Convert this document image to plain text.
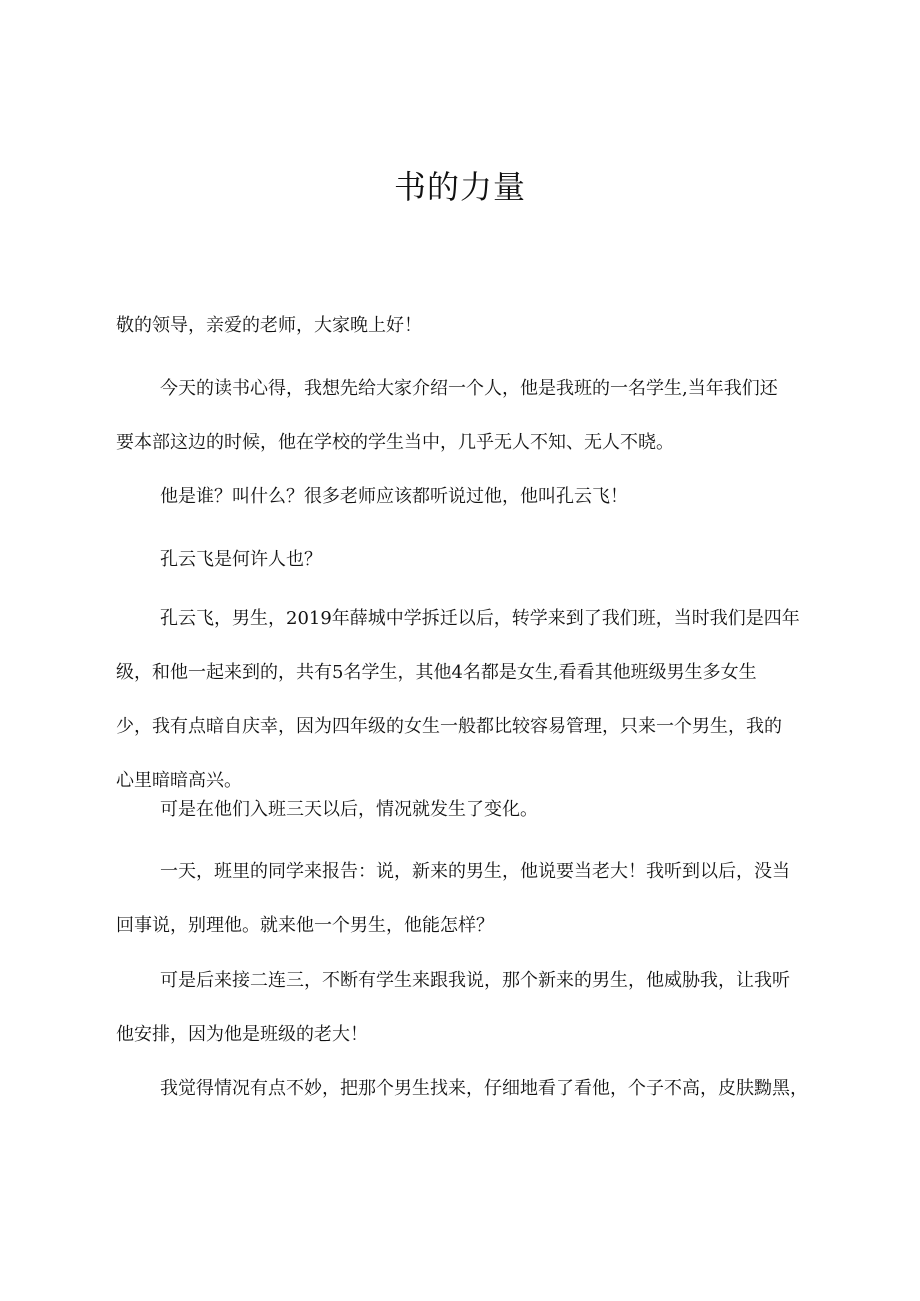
书的力量
敬的领导，亲爱的老师，大家晚上好！
今天的读书心得，我想先给大家介绍一个人，他是我班的一名学生,当年我们还
要本部这边的时候，他在学校的学生当中，几乎无人不知、无人不晓。
他是谁？叫什么？很多老师应该都听说过他，他叫孔云飞！
孔云飞是何许人也？
孔云飞，男生，2019年薛城中学拆迁以后，转学来到了我们班，当时我们是四年
级，和他一起来到的，共有5名学生，其他4名都是女生,看看其他班级男生多女生
少，我有点暗自庆幸，因为四年级的女生一般都比较容易管理，只来一个男生，我的
心里暗暗高兴。
可是在他们入班三天以后，情况就发生了变化。
一天，班里的同学来报告：说，新来的男生，他说要当老大！我听到以后，没当
回事说，别理他。就来他一个男生，他能怎样？
可是后来接二连三，不断有学生来跟我说，那个新来的男生，他威胁我，让我听
他安排，因为他是班级的老大！
我觉得情况有点不妙，把那个男生找来，仔细地看了看他，个子不高，皮肤黝黑，
